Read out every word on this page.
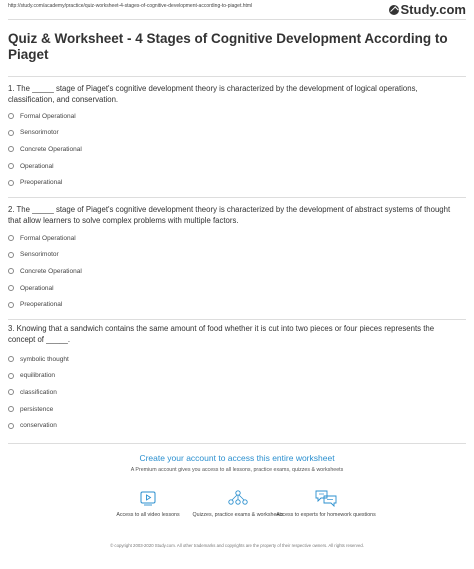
http://study.com/academy/practice/quiz-worksheet-4-stages-of-cognitive-development-according-to-piaget.html	Study.com
Quiz & Worksheet - 4 Stages of Cognitive Development According to Piaget
1. The _____ stage of Piaget's cognitive development theory is characterized by the development of logical operations, classification, and conservation.
Formal Operational
Sensorimotor
Concrete Operational
Operational
Preoperational
2. The _____ stage of Piaget's cognitive development theory is characterized by the development of abstract systems of thought that allow learners to solve complex problems with multiple factors.
Formal Operational
Sensorimotor
Concrete Operational
Operational
Preoperational
3. Knowing that a sandwich contains the same amount of food whether it is cut into two pieces or four pieces represents the concept of _____.
symbolic thought
equilibration
classification
persistence
conservation
Create your account to access this entire worksheet
A Premium account gives you access to all lessons, practice exams, quizzes & worksheets
Access to all video lessons	Quizzes, practice exams & worksheets
Access to experts for homework questions
© copyright 2003-2020 Study.com. All other trademarks and copyrights are the property of their respective owners. All rights reserved.
